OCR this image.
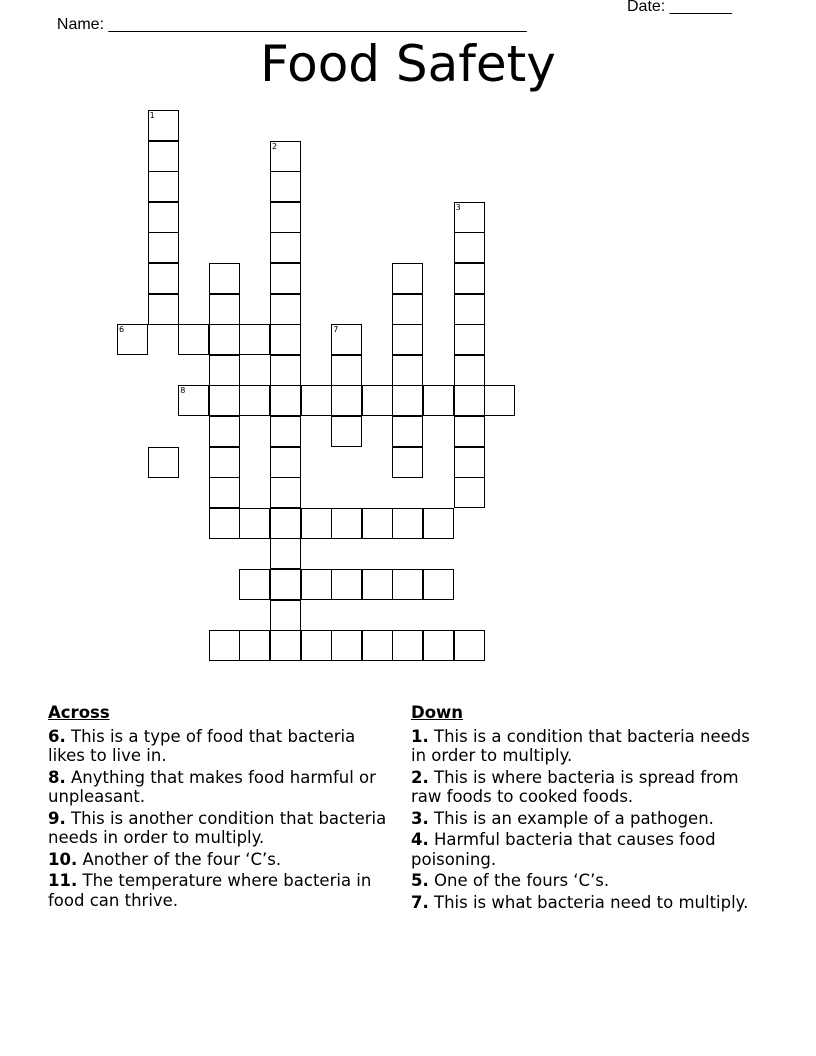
Name: _______________________________________________

Date: _______

Food Safety
1
2
3
7
6
8
Across
6. This is a type of food that bacteria likes to live in.
8. Anything that makes food harmful or unpleasant.
9. This is another condition that bacteria needs in order to multiply.
10. Another of the four ‘C’s.
11. The temperature where bacteria in food can thrive.
Down
1. This is a condition that bacteria needs in order to multiply.
2. This is where bacteria is spread from raw foods to cooked foods.
3. This is an example of a pathogen.
4. Harmful bacteria that causes food poisoning.
5. One of the fours ‘C’s.
7. This is what bacteria need to multiply.
